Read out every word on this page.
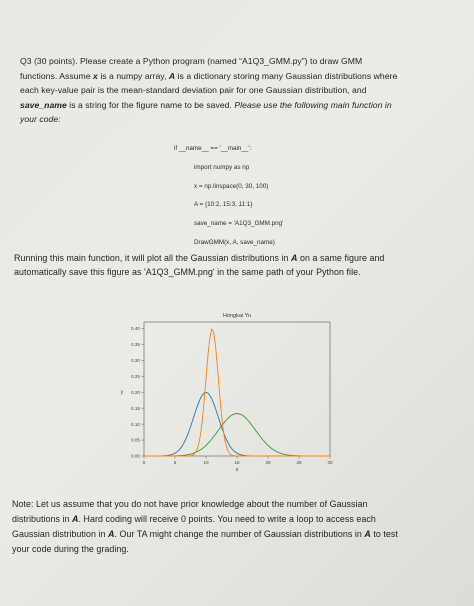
Q3 (30 points). Please create a Python program (named “A1Q3_GMM.py”) to draw GMM
functions. Assume x is a numpy array, A is a dictionary storing many Gaussian distributions where
each key-value pair is the mean-standard deviation pair for one Gaussian distribution, and
save_name is a string for the figure name to be saved. Please use the following main function in
your code:
if __name__ == '__main__':
import numpy as np
x = np.linspace(0, 30, 100)
A = {10:2, 15:3, 11:1}
save_name = 'A1Q3_GMM.png'
DrawGMM(x, A, save_name)
Running this main function, it will plot all the Gaussian distributions in A on a same figure and
automatically save this figure as 'A1Q3_GMM.png' in the same path of your Python file.
Hongkai Yu
0.00
0.05
0.10
0.15
0.20
0.25
0.30
0.35
0.40
0	5	10	15	20	25	30
x
y
Note: Let us assume that you do not have prior knowledge about the number of Gaussian
distributions in A. Hard coding will receive 0 points. You need to write a loop to access each
Gaussian distribution in A. Our TA might change the number of Gaussian distributions in A to test
your code during the grading.
